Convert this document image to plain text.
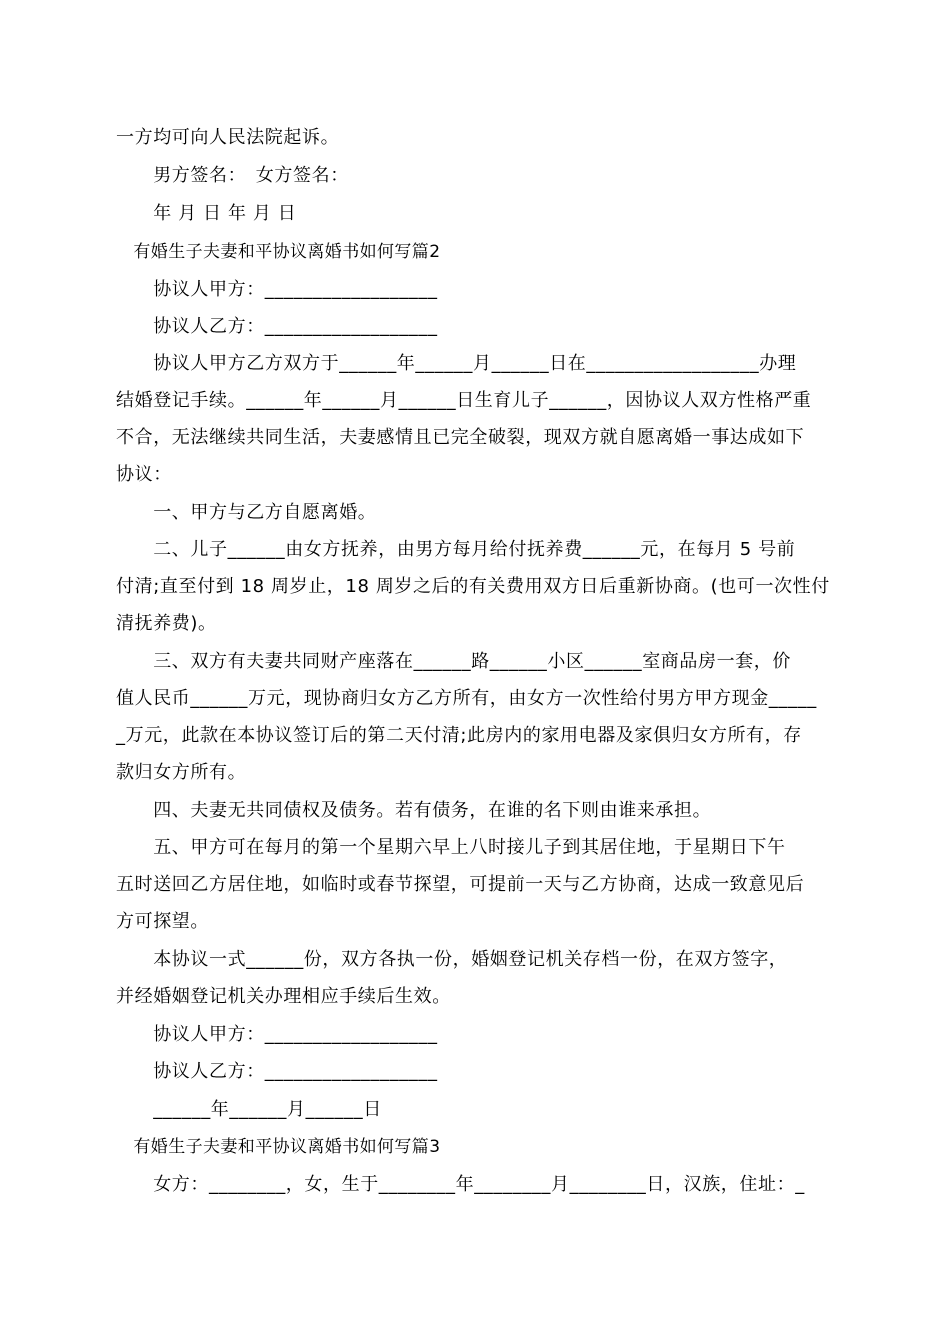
一方均可向人民法院起诉。
　　男方签名：　女方签名：
　　年 月 日 年 月 日
　有婚生子夫妻和平协议离婚书如何写篇2
　　协议人甲方：__________________
　　协议人乙方：__________________
　　协议人甲方乙方双方于______年______月______日在__________________办理
结婚登记手续。______年______月______日生育儿子______，因协议人双方性格严重
不合，无法继续共同生活，夫妻感情且已完全破裂，现双方就自愿离婚一事达成如下
协议：
　　一、甲方与乙方自愿离婚。
　　二、儿子______由女方抚养，由男方每月给付抚养费______元，在每月 5 号前
付清;直至付到 18 周岁止，18 周岁之后的有关费用双方日后重新协商。(也可一次性付
清抚养费)。
　　三、双方有夫妻共同财产座落在______路______小区______室商品房一套，价
值人民币______万元，现协商归女方乙方所有，由女方一次性给付男方甲方现金_____
_万元，此款在本协议签订后的第二天付清;此房内的家用电器及家俱归女方所有，存
款归女方所有。
　　四、夫妻无共同债权及债务。若有债务，在谁的名下则由谁来承担。
　　五、甲方可在每月的第一个星期六早上八时接儿子到其居住地，于星期日下午
五时送回乙方居住地，如临时或春节探望，可提前一天与乙方协商，达成一致意见后
方可探望。
　　本协议一式______份，双方各执一份，婚姻登记机关存档一份，在双方签字，
并经婚姻登记机关办理相应手续后生效。
　　协议人甲方：__________________
　　协议人乙方：__________________
　　______年______月______日
　有婚生子夫妻和平协议离婚书如何写篇3
　　女方：________，女，生于________年________月________日，汉族，住址：_
